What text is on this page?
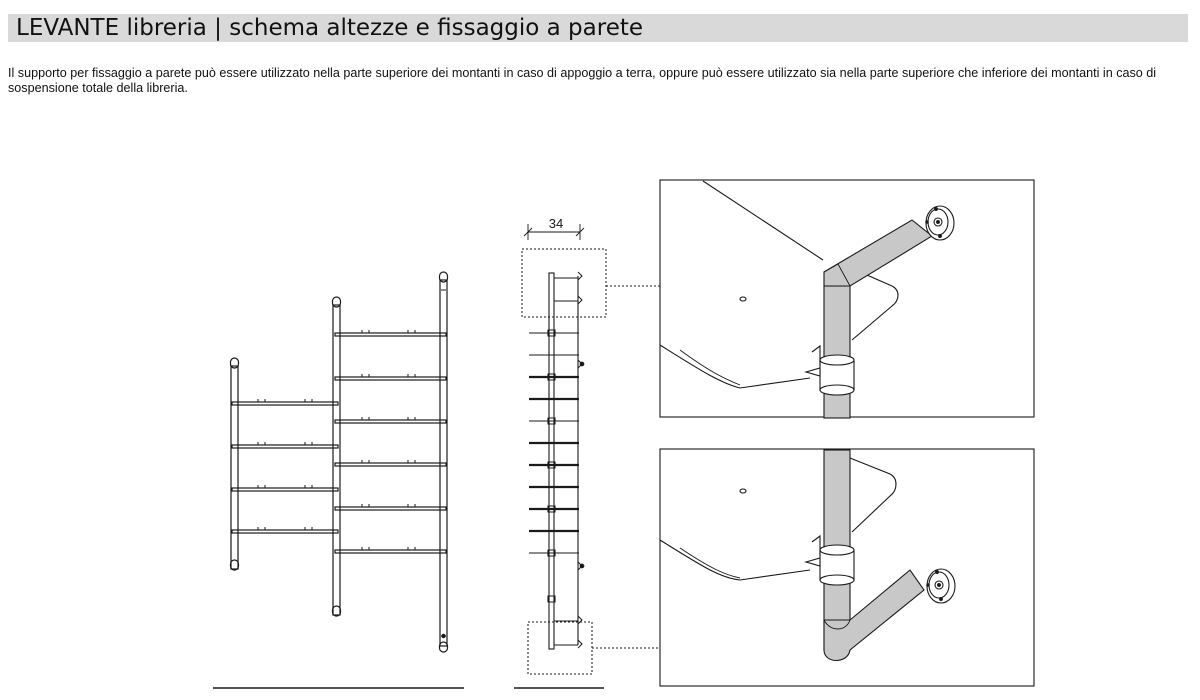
LEVANTE libreria | schema altezze e fissaggio a parete
Il supporto per fissaggio a parete può essere utilizzato nella parte superiore dei montanti in caso di appoggio a terra, oppure può essere utilizzato sia nella parte superiore che inferiore dei montanti in caso di sospensione totale della libreria.
34
